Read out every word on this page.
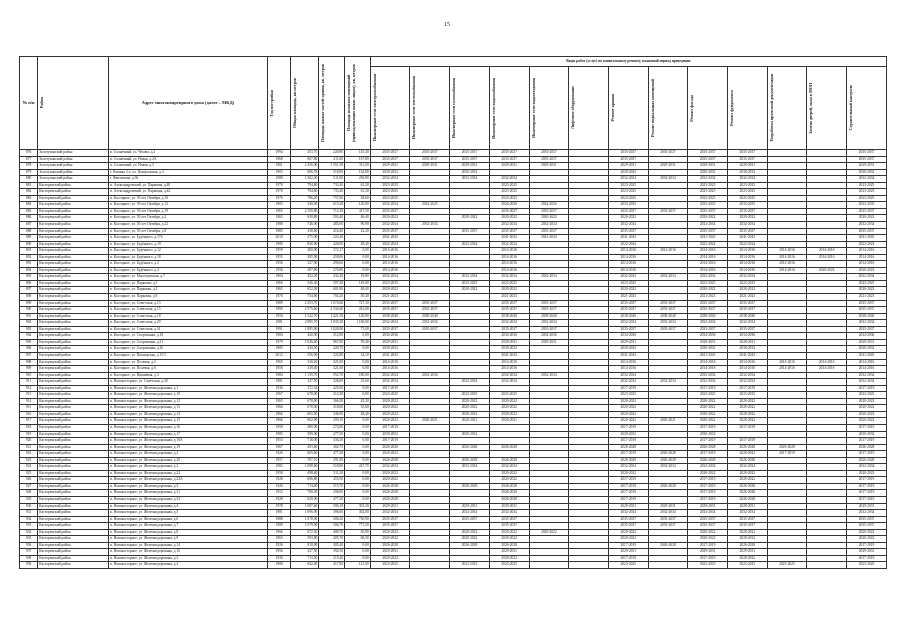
15
№ п/п	Район	Адрес многоквартирного дома (далее – МКД)	Год постройки	Общая площадь, кв.метров	Площадь жилых частей здания, кв. метров	Площадь нежилых помещений (принадлежащих иным лицам), кв. метров	Виды работ (услуг) по капитальному ремонту, плановый период проведения												

							Инженерные сети электроснабжения	Инженерные сети теплоснабжения	Инженерные сети газоснабжения	Инженерные сети водоснабжения	Инженерные сети водоотведения	Лифтовое оборудование	Ремонт крыши	Ремонт подвальных помещений	Ремонт фасада	Ремонт фундамента	Разработка проектной документации	Замена дверей, окон в МОП	Строительный контроль

876	Золотухинский район	п. Солнечный, ул. Чехова, д.2	1994	453,70	220,80	145,40	2035-2037	2035-2037	2035-2037	2035-2037	2035-2037		2035-2037	2035-2037	2035-2037	2035-2037			2035-2037
877	Золотухинский район	п. Солнечный, ул. Новая, д.2А	1968	867,80	211,60	167,80	2035-2037	2035-2037	2035-2037	2035-2037	2035-2037		2035-2037		2035-2037	2035-2037			2035-2037
878	Золотухинский район	п. Солнечный, ул. Новая, д.3	1961	2 456,00	1 351,50	311,00	2029-2031	2029-2031	2029-2031	2029-2031	2029-2031		2029-2031	2029-2031	2029-2031	2029-2031			2029-2031
879	Золотухинский район	г. Казанка 2 п. ул. Центральная, д.4	1965	606,78	518,90	134,80	2030-2032		2030-2032				2030-2032		2030-2032	2030-2032			2030-2032
880	Золотухинский район	г. Фентюхова, д.36	1988	1 302,40	511,00	236,90	2032-2034		2032-2034	2032-2034			2032-2034	2032-2034	2032-2034	2032-2034			2032-2034
881	Касторенский район	п. Александровский, ул. Парковая, д.40	1970	794,60	733,40	61,20	2023-2025			2023-2025			2023-2025		2023-2025	2023-2025			2023-2025
882	Касторенский район	п. Александровский, ул. Парковая, д.42	1970	794,60	733,40	61,20	2023-2025			2023-2025			2023-2025		2023-2025	2023-2025			2023-2025
883	Касторенский район	п. Касторное, ул. 50 лет Октября, д.10	1976	786,20	757,60	28,60	2023-2025			2023-2025			2023-2025		2023-2025	2023-2025			2023-2025
884	Касторенский район	п. Касторное, ул. 50 лет Октября, д.12	1983	540,30	615,20	120,00	2032-2034	2023-2025		2024-2026	2024-2026		2033-2035		2033-2035	2033-2035			2033-2035
885	Касторенский район	п. Касторное, ул. 50 лет Октября, д.19	1965	2 150,80	712,30	417,50	2035-2037			2035-2037	2035-2037		2035-2037	2035-2037	2035-2037	2035-2037			2035-2037
886	Касторенский район	п. Касторное, ул. 50 лет Октября, д.2	1965	639,80	593,40	46,40	2020-2022		2020-2022	2020-2022	2020-2022		2020-2022		2020-2022	2020-2022			2020-2022
887	Касторенский район	п. Касторное, ул. 50 лет Октября, д.22	1988	746,00	485,00	90,90	2032-2034	2032-2034		2032-2034	2032-2034		2032-2034		2032-2034	2032-2034			2032-2034
888	Касторенский район	п. Касторное, ул. 50 лет Октября, д.8	1985	438,60	416,40	22,20	2035-2037		2035-2037	2035-2037	2035-2037		2035-2037		2035-2037	2035-2037			2035-2037
889	Касторенский район	п. Касторное, ул. Будённого, д.17б	2010	275,00	222,40		2041-2043			2041-2043	2041-2043		2041-2043		2041-2043	2041-2043			2041-2043
890	Касторенский район	п. Касторное, ул. Будённого, д.19	1980	840,00	420,00	48,40	2022-2024		2022-2024	2022-2024			2022-2024		2022-2024	2022-2024			2022-2024
891	Касторенский район	п. Касторное, ул. Будённого, д.12	1959	400,90	372,37	0,00	2014-2016			2014-2016			2014-2016	2014-2016	2014-2016	2014-2016	2014-2016	2014-2016	2014-2016
892	Касторенский район	п. Касторное, ул. Будённого, д.18	1955	285,90	258,00	0,00	2014-2016			2014-2016			2014-2016		2014-2016	2014-2016	2014-2016	2014-2016	2014-2016
893	Касторенский район	п. Касторное, ул. Будённого, д.2	1956	327,90	290,60	0,00	2014-2016			2014-2016			2014-2016		2014-2016	2014-2016	2014-2016		2014-2016
894	Касторенский район	п. Касторное, ул. Будённого, д.4	1956	407,60	276,80	0,00	2014-2016			2014-2016			2014-2016		2014-2016	2014-2016	2014-2016	2020-2022	2020-2022
895	Касторенский район	п. Касторное, ул. Мясоедовская, д.7	1984	452,20	432,40	19,80	2032-2034		2032-2034	2032-2034	2032-2034		2032-2034	2032-2034	2032-2034	2032-2034			2032-2034
896	Касторенский район	п. Касторное, ул. Парковая, д.1	1969	546,40	397,40	149,00	2023-2025		2023-2025	2023-2025			2023-2025		2023-2025	2023-2025			2023-2025
897	Касторенский район	п. Касторное, ул. Парковая, д.3	1965	652,30	601,90	48,40	2020-2022		2020-2022	2020-2022			2020-2022		2020-2022	2020-2022			2020-2022
898	Касторенский район	п. Касторное, ул. Парковая, д.9	1970	754,60	704,20	50,40	2021-2023			2021-2023			2021-2023		2021-2023	2021-2023			2021-2023
899	Касторенский район	п. Касторное, ул. Советская, д.13	1989	2 353,70	1 674,60	727,10	2035-2037	2035-2037		2035-2037	2035-2037		2035-2037	2035-2037	2035-2037	2035-2037			2035-2037
900	Касторенский район	п. Касторное, ул. Советская, д.15	1990	2 575,60	2 334,60	241,00	2035-2037	2035-2037		2035-2037	2035-2037		2035-2037	2035-2037	2035-2037	2035-2037			2035-2037
901	Касторенский район	п. Касторное, ул. Советская, д.18	1958	1 542,70	1 421,50	120,00	2038-2040	2038-2040		2038-2040	2038-2040		2038-2040	2038-2040	2038-2040	2038-2040			2038-2040
902	Касторенский район	п. Касторное, ул. Советская, д.29	1981	2 985,70	1 835,30	1 100,00	2032-2034	2032-2034		2032-2034	2032-2034		2032-2034	2032-2034	2032-2034	2032-2034			2032-2034
903	Касторенский район	п. Касторное, ул. Советская, д.31	1991	1 895,90	1 820,90	75,00	2035-2037	2035-2037		2035-2037	2035-2037		2035-2037	2035-2037	2035-2037	2035-2037			2035-2037
904	Касторенский район	п. Касторное, ул. Спортивная, д.18	1984	420,00	312,90	0,00	2034-2036			2034-2036	2034-2036		2034-2036		2034-2036	2034-2036			2034-2036
905	Касторенский район	п. Касторное, ул. Спортивная, д.31	1979	1 026,40	967,00	59,40	2029-2031			2029-2031	2029-2031		2029-2031		2029-2031	2029-2031			2029-2031
906	Касторенский район	п. Касторное, ул. Спортивная, д.26	1985	430,50	420,70	0,00	2030-2032			2030-2032			2030-2032		2030-2032	2030-2032			2030-2032
907	Касторенский район	п. Касторное, ул. Пионерская, д.15/1	2012	356,90	322,80	34,10	2041-2043			2041-2043			2041-2043		2041-2043	2041-2043			2041-2043
908	Касторенский район	п. Касторное, ул. Полевая, д.2	1965	330,20	321,00	0,00	2014-2016			2014-2016			2014-2016		2014-2016	2014-2016	2014-2016	2014-2016	2014-2016
909	Касторенский район	п. Касторное, ул. Полевая, д.6	1958	339,40	321,50	0,00	2014-2016			2014-2016			2014-2016		2014-2016	2014-2016	2014-2016	2014-2016	2014-2016
910	Касторенский район	п. Касторное, ул. Вишнёвая, д.3	1984	1 135,70	952,70	180,00	2032-2034	2032-2034		2032-2034	2032-2034		2032-2034		2032-2034	2032-2034			2032-2034
911	Касторенский район	п. Новокасторное, ул. Советская, д.20	1981	327,50	326,00	25,60	2032-2034		2032-2034	2032-2034			2032-2034	2032-2034	2032-2034	2032-2034			2032-2034
912	Касторенский район	п. Новокасторное, ул. Железнодорожная, д.1	1936	372,34	425,00	0,00	2017-2019						2017-2019		2017-2019	2017-2019			2017-2019
913	Касторенский район	п. Новокасторное, ул. Железнодорожная, д.10	1967	678,00	312,30	0,00	2023-2025		2023-2025	2023-2025			2023-2025		2023-2025	2023-2025			2023-2025
914	Касторенский район	п. Новокасторное, ул. Железнодорожная, д.12	1965	678,00	366,50	45,20	2020-2022		2020-2022	2020-2022			2020-2022		2020-2022	2020-2022			2020-2022
915	Касторенский район	п. Новокасторное, ул. Железнодорожная, д.13	1966	678,00	318,60	35,60	2020-2022		2020-2022	2020-2022			2020-2022		2020-2022	2020-2022			2020-2022
916	Касторенский район	п. Новокасторное, ул. Железнодорожная, д.14	1966	665,50	346,00	48,40	2020-2022		2020-2022	2020-2022			2020-2022		2020-2022	2020-2022			2020-2022
917	Касторенский район	п. Новокасторное, ул. Железнодорожная, д.15	1966	662,00	299,10	0,00	2020-2022	2020-2021	2020-2021	2020-2021			2020-2022	2020-2021	2020-2022	2020-2022			2020-2022
918	Касторенский район	п. Новокасторное, ул. Железнодорожная, д.16	1958	480,00	273,00	0,00	2017-2019						2017-2019		2017-2019	2017-2019			2017-2019
919	Касторенский район	п. Новокасторное, ул. Железнодорожная, д.17	1985	589,00	477,50	0,00	2030-2032		2030-2032				2030-2032		2030-2032				2030-2032
920	Касторенский район	п. Новокасторное, ул. Железнодорожная, д.16А	1953	718,00	336,20	0,00	2017-2019						2017-2019		2017-2019	2017-2019			2017-2019
921	Касторенский район	п. Новокасторное, ул. Железнодорожная, д.19	1967	493,60	302,75	0,00	2026-2028		2026-2028	2026-2028			2026-2028		2026-2028	2026-2028	2026-2028		2026-2028
922	Касторенский район	п. Новокасторное, ул. Железнодорожная, д.2	1926	605,60	477,20	0,00	2020-2022						2017-2019	2026-2028	2017-2019	2020-2022	2017-2019		2017-2019
923	Касторенский район	п. Новокасторное, ул. Железнодорожная, д.20	1957	707,10	291,00	0,00	2026-2028		2026-2028	2026-2028			2026-2028	2026-2028	2026-2028	2026-2028			2026-2028
924	Касторенский район	п. Новокасторное, ул. Железнодорожная, д.2	1982	1 098,60	518,80	247,70	2032-2034		2032-2034	2032-2034			2032-2034	2032-2034	2032-2034	2032-2034			2032-2034
925	Касторенский район	п. Новокасторное, ул. Железнодорожная, д.22	1958	498,40	311,20	0,00	2020-2022			2020-2022			2020-2022		2020-2022	2020-2022			2020-2022
926	Касторенский район	п. Новокасторное, ул. Железнодорожная, д.22А	1928	696,86	455,50	0,00	2020-2022			2020-2022			2017-2019		2017-2019	2020-2022			2017-2019
927	Касторенский район	п. Новокасторное, ул. Железнодорожная, д.3	1926	713,40	515,70	0,00	2026-2028		2026-2028	2026-2028			2017-2019	2026-2028	2017-2019	2026-2028			2017-2019
928	Касторенский район	п. Новокасторное, ул. Железнодорожная, д.31	1952	708,40	296,00	0,00	2026-2028			2026-2028			2017-2019		2017-2019	2026-2028			2017-2019
929	Касторенский район	п. Новокасторное, ул. Железнодорожная, д.33	1928	629,00	477,20	0,00	2026-2028			2026-2028			2017-2019		2017-2019	2026-2028			2017-2019
930	Касторенский район	п. Новокасторное, ул. Железнодорожная, д.4	1978	1 087,40	506,10	301,20	2029-2031		2029-2031	2029-2031			2029-2031	2029-2031	2029-2031	2029-2031			2029-2031
931	Касторенский район	п. Новокасторное, ул. Железнодорожная, д.5	1981	1 096,90	396,00	302,00	2032-2034		2032-2034	2032-2034			2032-2034	2032-2034	2032-2034	2032-2034			2032-2034
932	Касторенский район	п. Новокасторное, ул. Железнодорожная, д.6	1988	1 078,90	506,20	730,90	2035-2037		2035-2037	2035-2037			2035-2037	2035-2037	2035-2037	2035-2037			2035-2037
933	Касторенский район	п. Новокасторное, ул. Железнодорожная, д.7	1989	1 079,00	506,70	771,50	2035-2037			2035-2037			2035-2037	2035-2037	2035-2037	2035-2037			2035-2037
934	Касторенский район	п. Новокасторное, ул. Железнодорожная, д.8	1966	672,30	408,70	65,90	2020-2022		2020-2022	2020-2022	2020-2022		2020-2022		2020-2022	2020-2022			2020-2022
935	Касторенский район	п. Новокасторное, ул. Железнодорожная, д.9	1965	593,80	405,70	60,30	2020-2022		2020-2022	2020-2022			2020-2022		2020-2022	2020-2022			2020-2022
936	Касторенский район	п. Новокасторное, ул. Железнодорожная, д.14	1926	810,00	305,40	0,00	2026-2028		2026-2028	2026-2028			2017-2019	2026-2028	2017-2019	2026-2028			2017-2019
937	Касторенский район	п. Новокасторное, ул. Железнодорожная, д.16	1956	427,50	392,50	0,00	2029-2031			2029-2031			2029-2031		2029-2031	2029-2031			2029-2031
938	Касторенский район	п. Новокасторное, ул. Железнодорожная, д.2	1930	713,50	315,40	0,00	2020-2022			2020-2022			2017-2019		2017-2019	2020-2022			2017-2019
939	Касторенский район	п. Новокасторное, ул. Железнодорожная, д.4	1988	842,40	417,00	121,00	2023-2025		2023-2025	2023-2025			2023-2025		2023-2025	2023-2025	2023-2025		2023-2025
